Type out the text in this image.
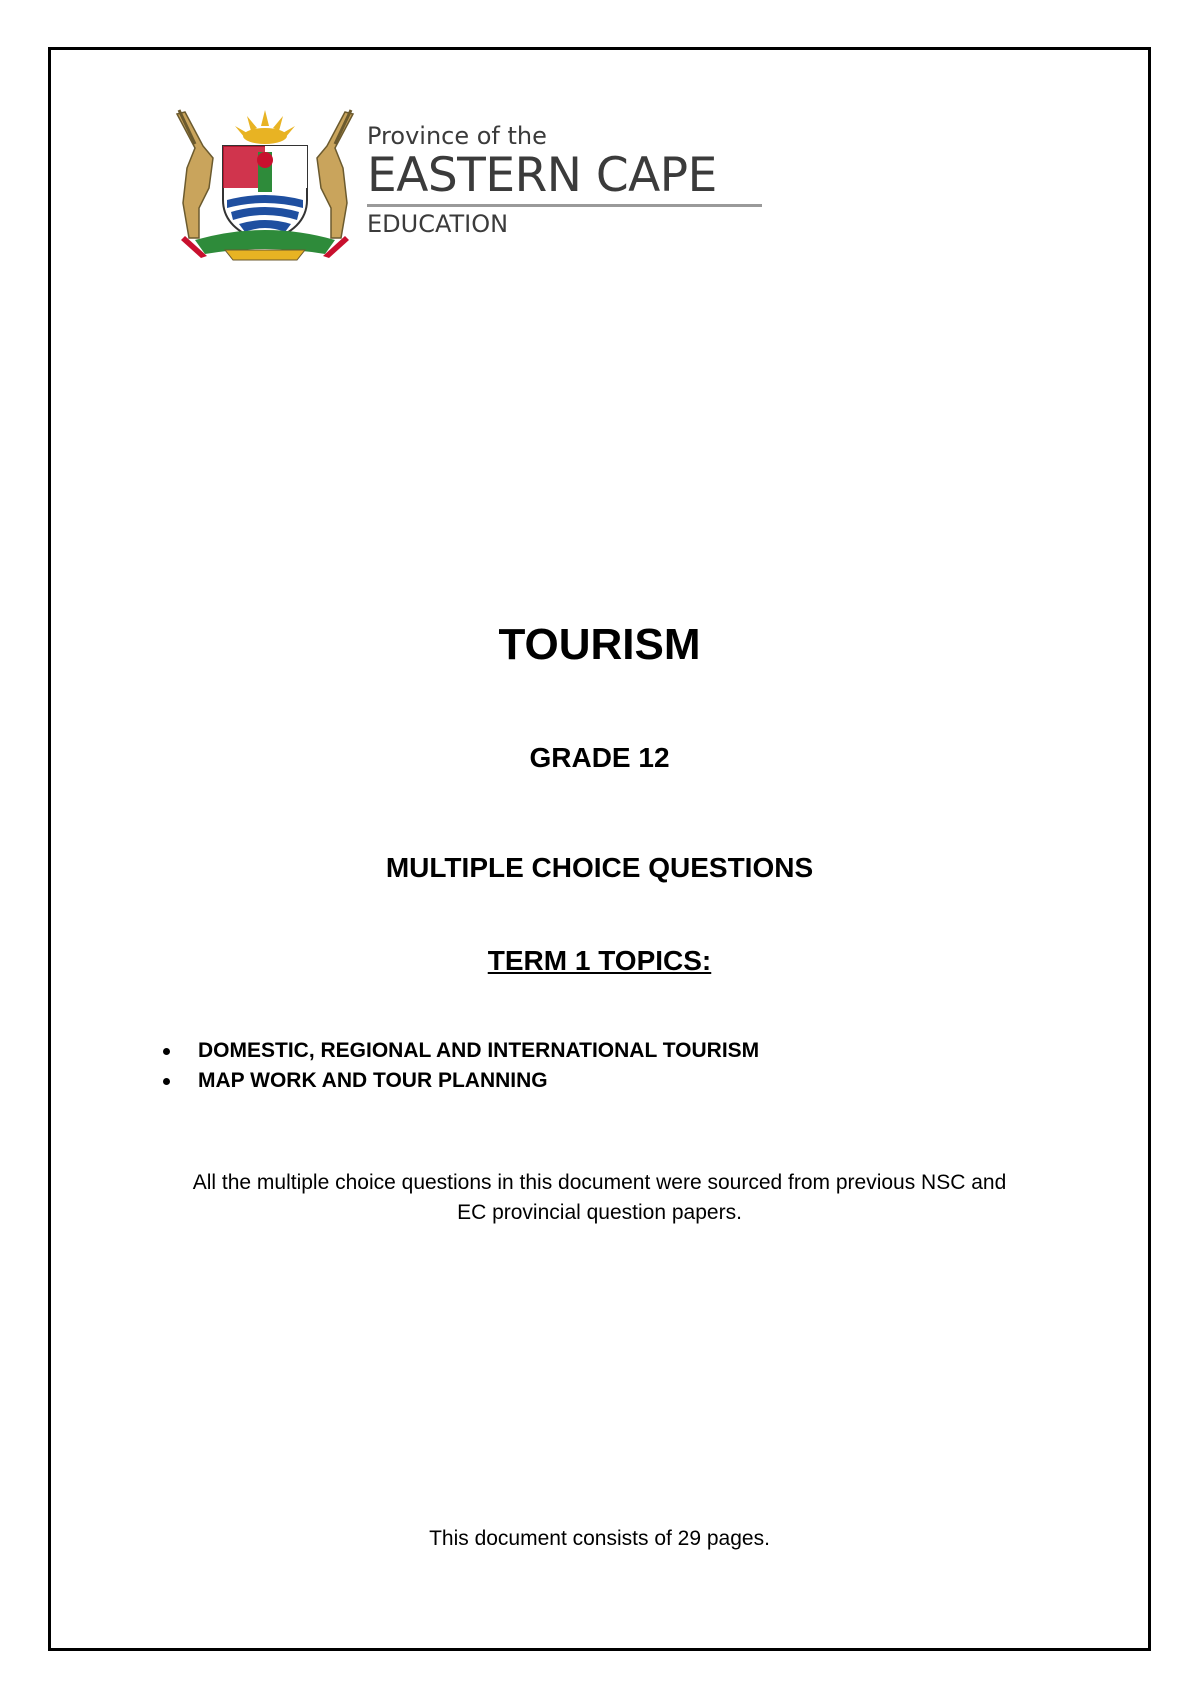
Province of the
EASTERN CAPE
EDUCATION
TOURISM
GRADE 12
MULTIPLE CHOICE QUESTIONS
TERM 1 TOPICS:
DOMESTIC, REGIONAL AND INTERNATIONAL TOURISM
MAP WORK AND TOUR PLANNING
All the multiple choice questions in this document were sourced from previous NSC and
EC provincial question papers.
This document consists of 29 pages.
